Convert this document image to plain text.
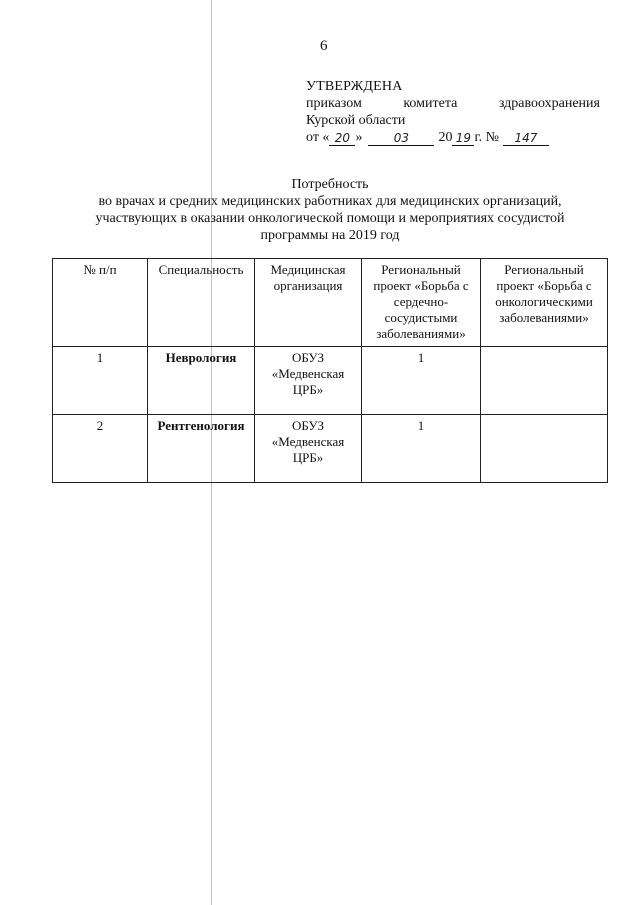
6
УТВЕРЖДЕНА
приказом	комитета	здравоохранения
Курской области
от « 20 »	03	20 19 г. №	147
Потребность
во врачах и средних медицинских работниках для медицинских организаций,
участвующих в оказании онкологической помощи и мероприятиях сосудистой
программы на 2019 год
№ п/п	Специальность	Медицинская организация	Региональный проект «Борьба с сердечно-сосудистыми заболеваниями»	Региональный проект «Борьба с онкологическими заболеваниями»
1	Неврология	ОБУЗ «Медвенская ЦРБ»	1	
2	Рентгенология	ОБУЗ «Медвенская ЦРБ»	1	
